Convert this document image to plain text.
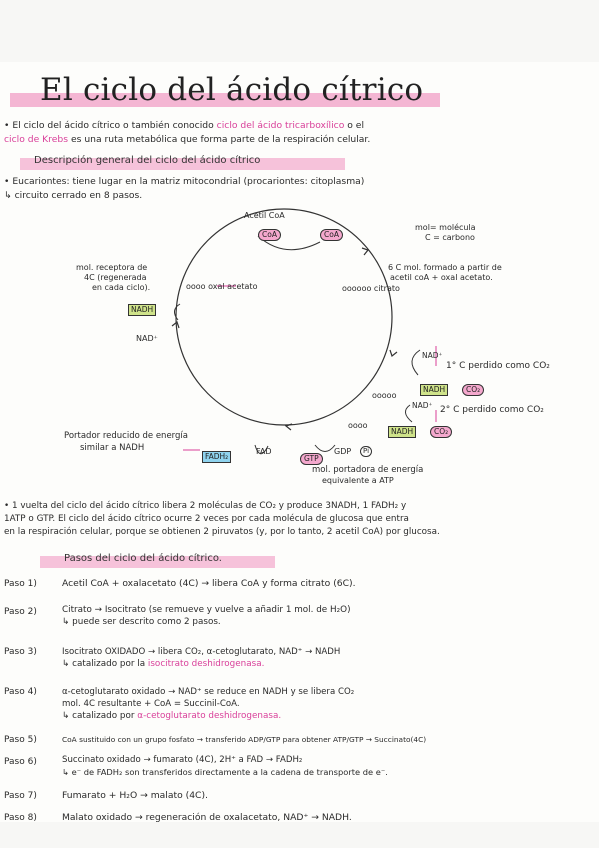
El ciclo del ácido cítrico
• El ciclo del ácido cítrico o también conocido ciclo del ácido tricarboxílico o el
ciclo de Krebs es una ruta metabólica que forma parte de la respiración celular.
Descripción general del ciclo del ácido cítrico
• Eucariontes: tiene lugar en la matriz mitocondrial (procariontes: citoplasma)
↳ circuito cerrado en 8 pasos.
Acetil CoA
CoA	CoA
mol= molécula
C = carbono
mol. receptora de
4C (regenerada
en cada ciclo).	oooo oxal acetato
NADH
NAD⁺
6 C mol. formado a partir de
acetil coA + oxal acetato.
oooooo citrato
NAD⁺
1° C perdido como CO₂
NADH	CO₂
ooooo
NAD⁺ 2° C perdido como CO₂
oooo
NADH	CO₂
Portador reducido de energía
similar a NADH
FADH₂
FAD
GTP
GDP	Pi
mol. portadora de energía
equivalente a ATP
• 1 vuelta del ciclo del ácido cítrico libera 2 moléculas de CO₂ y produce 3NADH, 1 FADH₂ y
1ATP o GTP. El ciclo del ácido cítrico ocurre 2 veces por cada molécula de glucosa que entra
en la respiración celular, porque se obtienen 2 piruvatos (y, por lo tanto, 2 acetil CoA) por glucosa.
Pasos del ciclo del ácido cítrico.
Paso 1)	Acetil CoA + oxalacetato (4C) → libera CoA y forma citrato (6C).
Paso 2)	Citrato → Isocitrato (se remueve y vuelve a añadir 1 mol. de H₂O)
↳ puede ser descrito como 2 pasos.
Paso 3)	Isocitrato OXIDADO → libera CO₂, α-cetoglutarato, NAD⁺ → NADH
↳ catalizado por la isocitrato deshidrogenasa.
Paso 4)	α-cetoglutarato oxidado → NAD⁺ se reduce en NADH y se libera CO₂
mol. 4C resultante + CoA = Succinil-CoA.
↳ catalizado por α-cetoglutarato deshidrogenasa.
Paso 5)	CoA sustituido con un grupo fosfato → transferido ADP/GTP para obtener ATP/GTP → Succinato(4C)
Paso 6)	Succinato oxidado → fumarato (4C), 2H⁺ a FAD → FADH₂
↳ e⁻ de FADH₂ son transferidos directamente a la cadena de transporte de e⁻.
Paso 7)	Fumarato + H₂O → malato (4C).
Paso 8)	Malato oxidado → regeneración de oxalacetato, NAD⁺ → NADH.
